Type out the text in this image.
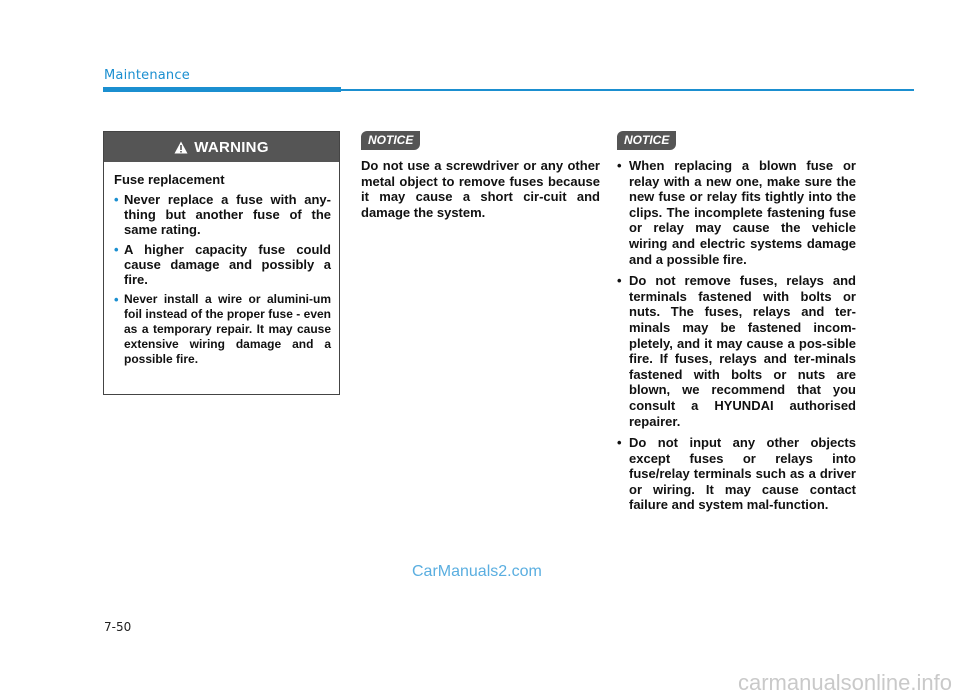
Maintenance
WARNING
Fuse replacement
• Never replace a fuse with any-thing but another fuse of the same rating.
• A higher capacity fuse could cause damage and possibly a fire.
• Never install a wire or alumini-um foil instead of the proper fuse - even as a temporary repair. It may cause extensive wiring damage and a possible fire.
NOTICE
Do not use a screwdriver or any other metal object to remove fuses because it may cause a short cir-cuit and damage the system.
NOTICE
• When replacing a blown fuse or relay with a new one, make sure the new fuse or relay fits tightly into the clips. The incomplete fastening fuse or relay may cause the vehicle wiring and electric systems damage and a possible fire.
• Do not remove fuses, relays and terminals fastened with bolts or nuts. The fuses, relays and ter-minals may be fastened incom-pletely, and it may cause a pos-sible fire. If fuses, relays and ter-minals fastened with bolts or nuts are blown, we recommend that you consult a HYUNDAI authorised repairer.
• Do not input any other objects except fuses or relays into fuse/relay terminals such as a driver or wiring. It may cause contact failure and system mal-function.
CarManuals2.com
7-50
carmanualsonline.info
